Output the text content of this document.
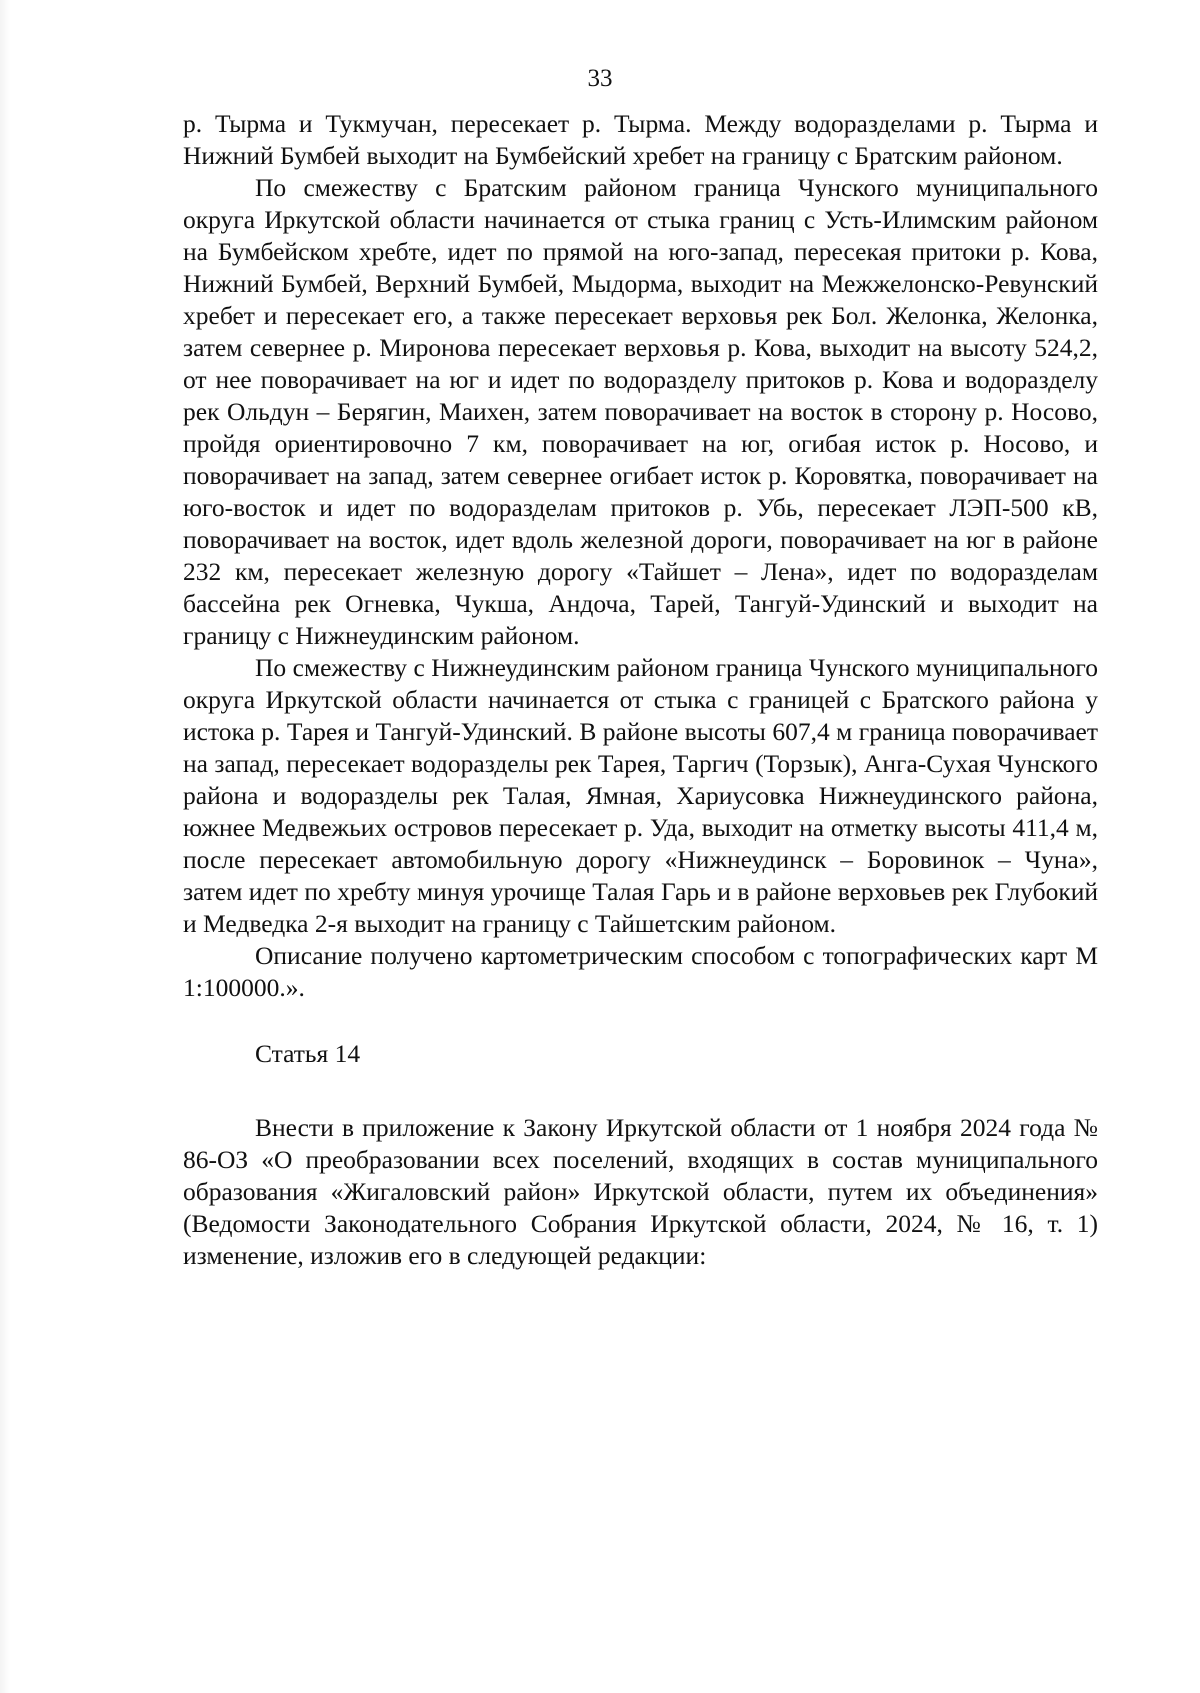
33

р. Тырма и Тукмучан, пересекает р. Тырма. Между водоразделами р. Тырма и Нижний Бумбей выходит на Бумбейский хребет на границу с Братским районом.

По смежеству с Братским районом граница Чунского муниципального округа Иркутской области начинается от стыка границ с Усть-Илимским районом на Бумбейском хребте, идет по прямой на юго-запад, пересекая притоки р. Кова, Нижний Бумбей, Верхний Бумбей, Мыдорма, выходит на Межжелонско-Ревунский хребет и пересекает его, а также пересекает верховья рек Бол. Желонка, Желонка, затем севернее р. Миронова пересекает верховья р. Кова, выходит на высоту 524,2, от нее поворачивает на юг и идет по водоразделу притоков р. Кова и водоразделу рек Ольдун – Берягин, Маихен, затем поворачивает на восток в сторону р. Носово, пройдя ориентировочно 7 км, поворачивает на юг, огибая исток р. Носово, и поворачивает на запад, затем севернее огибает исток р. Коровятка, поворачивает на юго-восток и идет по водоразделам притоков р. Убь, пересекает ЛЭП-500 кВ, поворачивает на восток, идет вдоль железной дороги, поворачивает на юг в районе 232 км, пересекает железную дорогу «Тайшет – Лена», идет по водоразделам бассейна рек Огневка, Чукша, Андоча, Тарей, Тангуй-Удинский и выходит на границу с Нижнеудинским районом.

По смежеству с Нижнеудинским районом граница Чунского муниципального округа Иркутской области начинается от стыка с границей с Братского района у истока р. Тарея и Тангуй-Удинский. В районе высоты 607,4 м граница поворачивает на запад, пересекает водоразделы рек Тарея, Таргич (Торзык), Анга-Сухая Чунского района и водоразделы рек Талая, Ямная, Хариусовка Нижнеудинского района, южнее Медвежьих островов пересекает р. Уда, выходит на отметку высоты 411,4 м, после пересекает автомобильную дорогу «Нижнеудинск – Боровинок – Чуна», затем идет по хребту минуя урочище Талая Гарь и в районе верховьев рек Глубокий и Медведка 2-я выходит на границу с Тайшетским районом.

Описание получено картометрическим способом с топографических карт М 1:100000.».

Статья 14

Внести в приложение к Закону Иркутской области от 1 ноября 2024 года № 86-ОЗ «О преобразовании всех поселений, входящих в состав муниципального образования «Жигаловский район» Иркутской области, путем их объединения» (Ведомости Законодательного Собрания Иркутской области, 2024, № 16, т. 1) изменение, изложив его в следующей редакции:
